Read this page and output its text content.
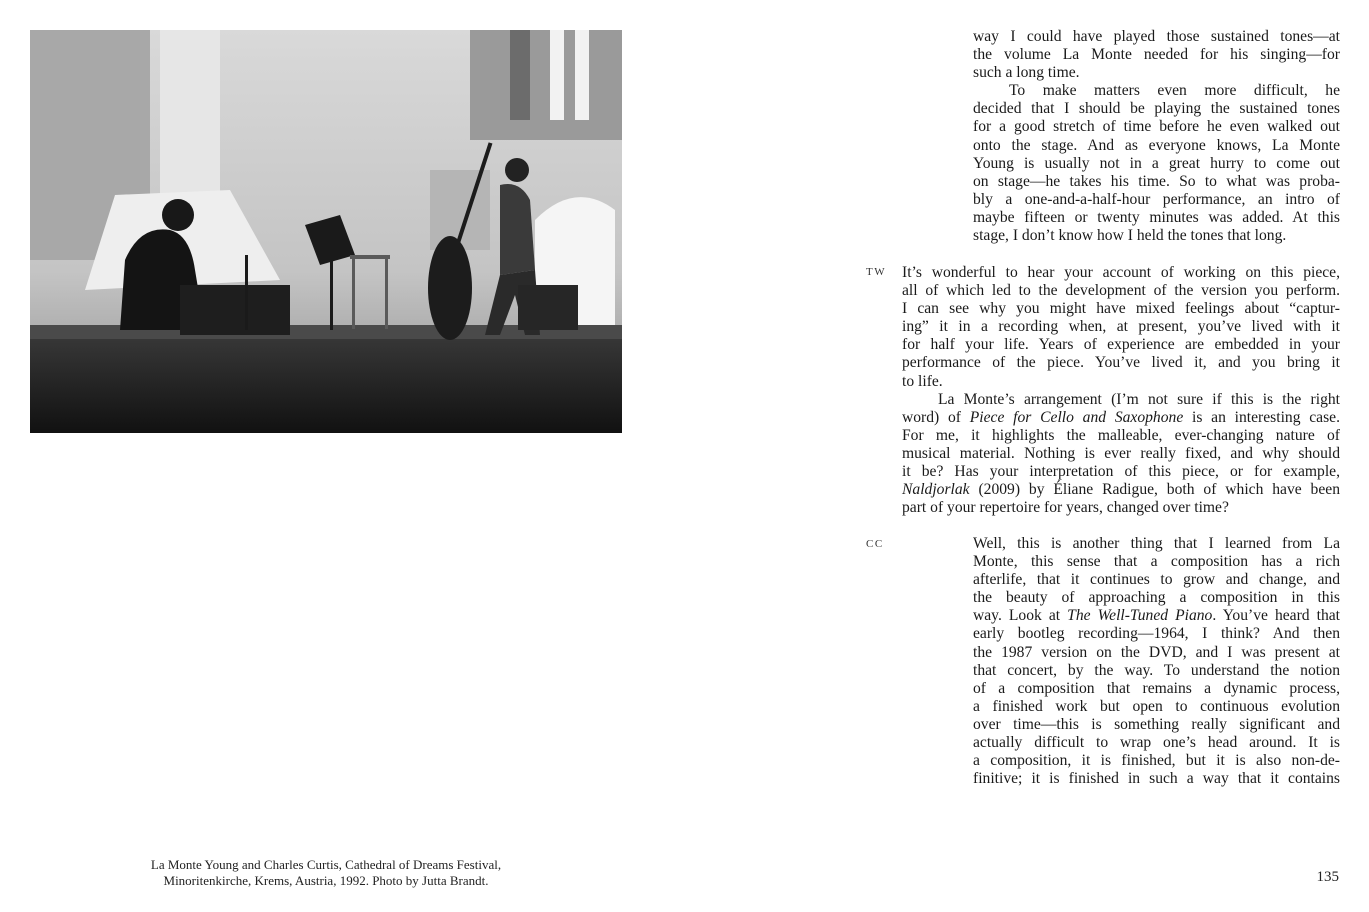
La Monte Young and Charles Curtis, Cathedral of Dreams Festival,
Minoritenkirche, Krems, Austria, 1992. Photo by Jutta Brandt.	135
way I could have played those sustained tones—at
the volume La Monte needed for his singing—for
such a long time.
To make matters even more difficult, he
decided that I should be playing the sustained tones
for a good stretch of time before he even walked out
onto the stage. And as everyone knows, La Monte
Young is usually not in a great hurry to come out
on stage—he takes his time. So to what was proba-
bly a one-and-a-half-hour performance, an intro of
maybe fifteen or twenty minutes was added. At this
stage, I don’t know how I held the tones that long.
TW It’s wonderful to hear your account of working on this piece,
all of which led to the development of the version you perform.
I can see why you might have mixed feelings about “captur-
ing” it in a recording when, at present, you’ve lived with it
for half your life. Years of experience are embedded in your
performance of the piece. You’ve lived it, and you bring it
to life.
La Monte’s arrangement (I’m not sure if this is the right
word) of Piece for Cello and Saxophone is an interesting case.
For me, it highlights the malleable, ever-changing nature of
musical material. Nothing is ever really fixed, and why should
it be? Has your interpretation of this piece, or for example,
Naldjorlak (2009) by Éliane Radigue, both of which have been
part of your repertoire for years, changed over time?
CC	Well, this is another thing that I learned from La
Monte, this sense that a composition has a rich
afterlife, that it continues to grow and change, and
the beauty of approaching a composition in this
way. Look at The Well-Tuned Piano. You’ve heard that
early bootleg recording—1964, I think? And then
the 1987 version on the DVD, and I was present at
that concert, by the way. To understand the notion
of a composition that remains a dynamic process,
a finished work but open to continuous evolution
over time—this is something really significant and
actually difficult to wrap one’s head around. It is
a composition, it is finished, but it is also non-de-
finitive; it is finished in such a way that it contains
